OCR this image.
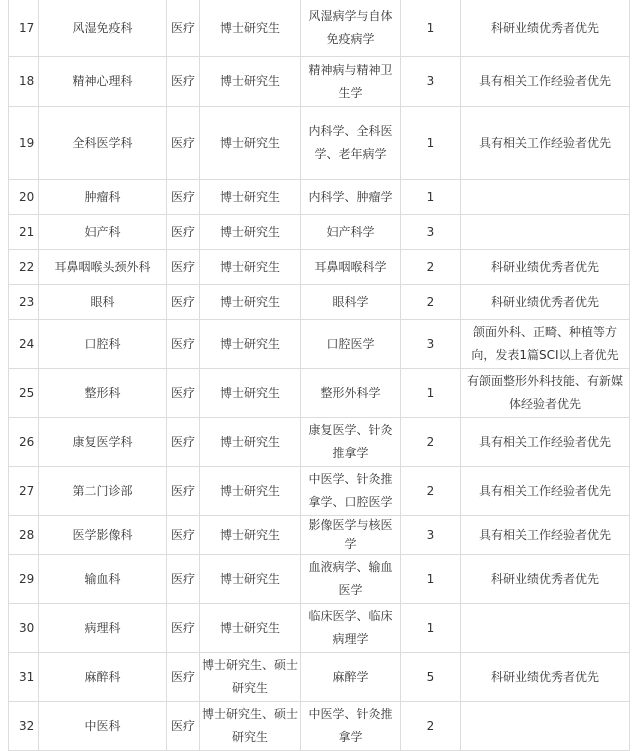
17	风湿免疫科	医疗	博士研究生	风湿病学与自体免疫病学	1	科研业绩优秀者优先
18	精神心理科	医疗	博士研究生	精神病与精神卫生学	3	具有相关工作经验者优先
19	全科医学科	医疗	博士研究生	内科学、全科医学、老年病学	1	具有相关工作经验者优先
20	肿瘤科	医疗	博士研究生	内科学、肿瘤学	1	
21	妇产科	医疗	博士研究生	妇产科学	3	
22	耳鼻咽喉头颈外科	医疗	博士研究生	耳鼻咽喉科学	2	科研业绩优秀者优先
23	眼科	医疗	博士研究生	眼科学	2	科研业绩优秀者优先
24	口腔科	医疗	博士研究生	口腔医学	3	颌面外科、正畸、种植等方向，发表1篇SCI以上者优先
25	整形科	医疗	博士研究生	整形外科学	1	有颌面整形外科技能、有新媒体经验者优先
26	康复医学科	医疗	博士研究生	康复医学、针灸推拿学	2	具有相关工作经验者优先
27	第二门诊部	医疗	博士研究生	中医学、针灸推拿学、口腔医学	2	具有相关工作经验者优先
28	医学影像科	医疗	博士研究生	影像医学与核医学	3	具有相关工作经验者优先
29	输血科	医疗	博士研究生	血液病学、输血医学	1	科研业绩优秀者优先
30	病理科	医疗	博士研究生	临床医学、临床病理学	1	
31	麻醉科	医疗	博士研究生、硕士研究生	麻醉学	5	科研业绩优秀者优先
32	中医科	医疗	博士研究生、硕士研究生	中医学、针灸推拿学	2	
